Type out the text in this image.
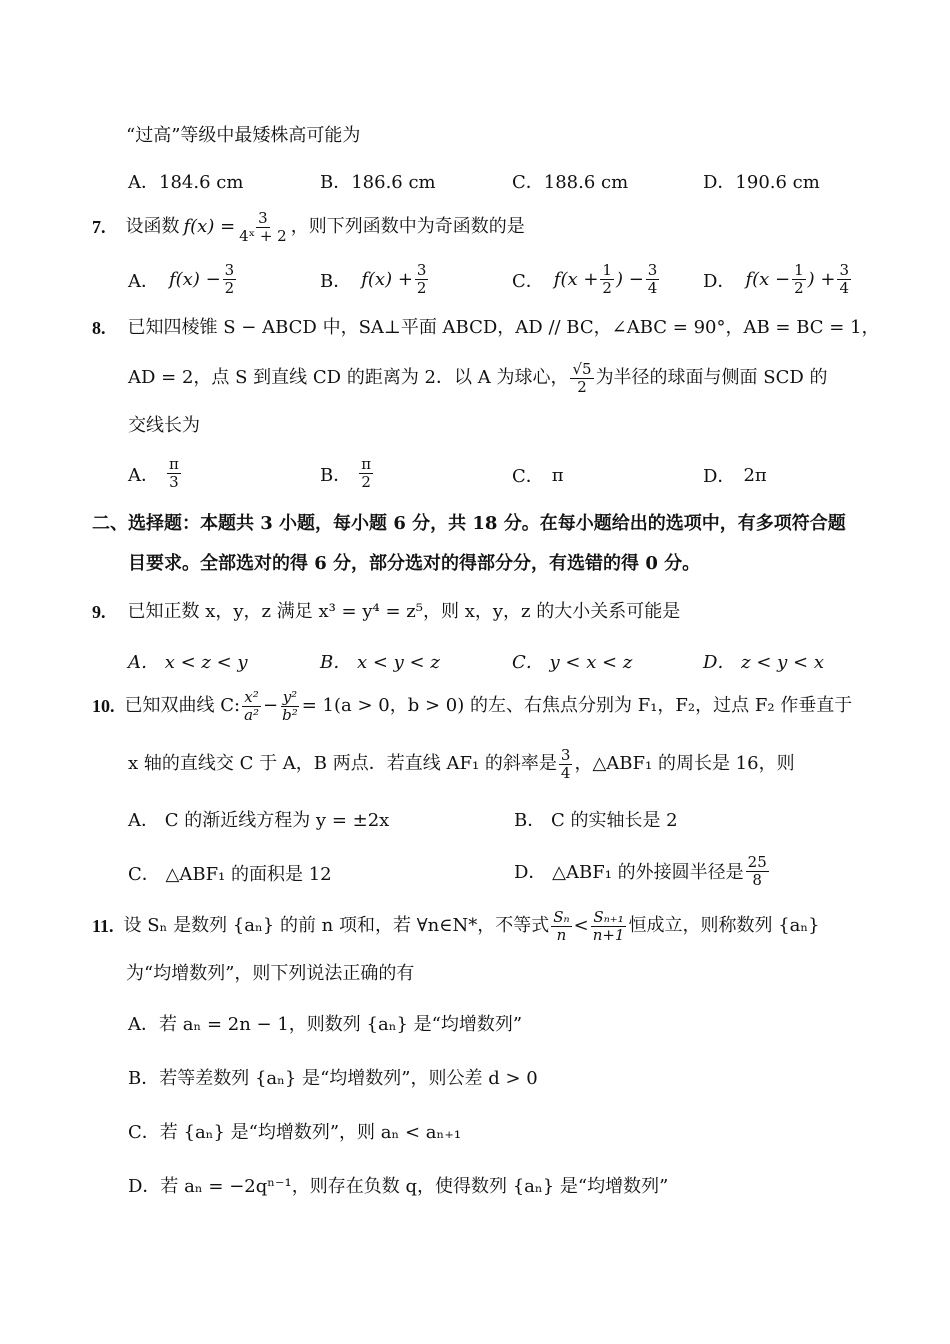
“过高”等级中最矮株高可能为
A．184.6 cm	B．186.6 cm	C．188.6 cm	D．190.6 cm
7. 设函数 $f(x) = \frac{3}{\text{4ˣ + 2}}$ ，则下列函数中为奇函数的是
A． $f(x) - \frac{3}{2}$	B． $f(x) + \frac{3}{2}$	C． $f(x + \frac{1}{2}$ ) − $\frac{3}{4}$ D． $f(x - \frac{1}{2}$ ) + $\frac{3}{4}$
8. 已知四棱锥 S − ABCD 中，SA⊥平面 ABCD，AD // BC，∠ABC = 90°，AB = BC = 1，
AD = 2，点 S 到直线 CD 的距离为 2．以 A 为球心， $\frac{√5}{2}$ 为半径的球面与侧面 SCD 的
交线长为
A． $\frac{\pi}{3}$	B． $\frac{\pi}{2}$	C． π	D． 2π
二、选择题：本题共 3 小题，每小题 6 分，共 18 分。在每小题给出的选项中，有多项符合题
目要求。全部选对的得 6 分，部分选对的得部分分，有选错的得 0 分。
9. 已知正数 x，y，z 满足 x³ = y⁴ = z⁵，则 x，y，z 的大小关系可能是
A． x < z < y	B． x < y < z	C． y < x < z	D． z < y < x
10. 已知双曲线 C: $\frac{\text{x²}}{\text{a²}} - \frac{\text{y²}}{\text{b²}} = 1(a > 0$，b > 0) 的左、右焦点分别为 F₁，F₂，过点 F₂ 作垂直于
x 轴的直线交 C 于 A，B 两点．若直线 AF₁ 的斜率是 $\frac{3}{4}$ ，△ABF₁ 的周长是 16，则
A． C 的渐近线方程为 y = ±2x	B． C 的实轴长是 2
C． △ABF₁ 的面积是 12	D． △ABF₁ 的外接圆半径是 $\frac{25}{8}$
11. 设 Sₙ 是数列 {aₙ} 的前 n 项和，若 ∀n∈N*，不等式 $\frac{\text{Sₙ}}{n} < \frac{\text{Sₙ₊₁}}{n+1}$ 恒成立，则称数列 {aₙ}
为“均增数列”，则下列说法正确的有
A．若 aₙ = 2n − 1，则数列 {aₙ} 是“均增数列”
B．若等差数列 {aₙ} 是“均增数列”，则公差 d > 0
C．若 {aₙ} 是“均增数列”，则 aₙ < aₙ₊₁
D．若 aₙ = −2qⁿ⁻¹，则存在负数 q，使得数列 {aₙ} 是“均增数列”
